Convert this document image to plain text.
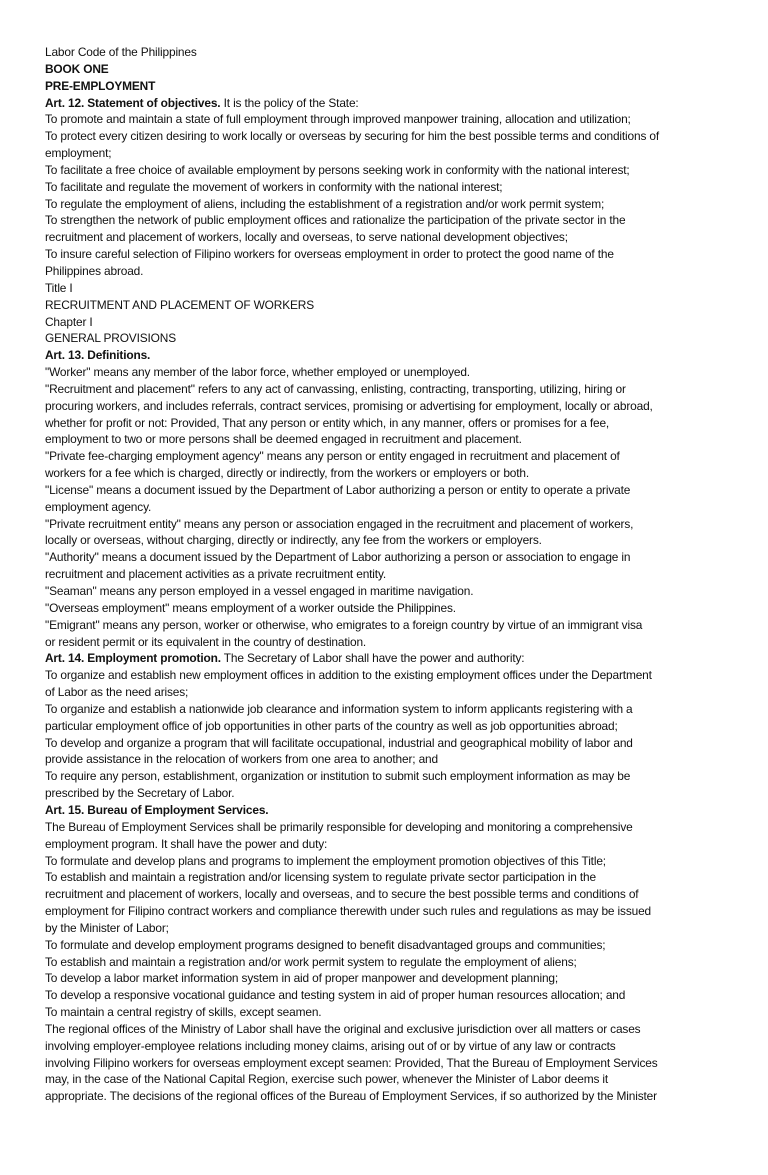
Labor Code of the Philippines
BOOK ONE
PRE-EMPLOYMENT
Art. 12. Statement of objectives. It is the policy of the State:
To promote and maintain a state of full employment through improved manpower training, allocation and utilization;
To protect every citizen desiring to work locally or overseas by securing for him the best possible terms and conditions of
employment;
To facilitate a free choice of available employment by persons seeking work in conformity with the national interest;
To facilitate and regulate the movement of workers in conformity with the national interest;
To regulate the employment of aliens, including the establishment of a registration and/or work permit system;
To strengthen the network of public employment offices and rationalize the participation of the private sector in the
recruitment and placement of workers, locally and overseas, to serve national development objectives;
To insure careful selection of Filipino workers for overseas employment in order to protect the good name of the
Philippines abroad.
Title I
RECRUITMENT AND PLACEMENT OF WORKERS
Chapter I
GENERAL PROVISIONS
Art. 13. Definitions.
"Worker" means any member of the labor force, whether employed or unemployed.
"Recruitment and placement" refers to any act of canvassing, enlisting, contracting, transporting, utilizing, hiring or
procuring workers, and includes referrals, contract services, promising or advertising for employment, locally or abroad,
whether for profit or not: Provided, That any person or entity which, in any manner, offers or promises for a fee,
employment to two or more persons shall be deemed engaged in recruitment and placement.
"Private fee-charging employment agency" means any person or entity engaged in recruitment and placement of
workers for a fee which is charged, directly or indirectly, from the workers or employers or both.
"License" means a document issued by the Department of Labor authorizing a person or entity to operate a private
employment agency.
"Private recruitment entity" means any person or association engaged in the recruitment and placement of workers,
locally or overseas, without charging, directly or indirectly, any fee from the workers or employers.
"Authority" means a document issued by the Department of Labor authorizing a person or association to engage in
recruitment and placement activities as a private recruitment entity.
"Seaman" means any person employed in a vessel engaged in maritime navigation.
"Overseas employment" means employment of a worker outside the Philippines.
"Emigrant" means any person, worker or otherwise, who emigrates to a foreign country by virtue of an immigrant visa
or resident permit or its equivalent in the country of destination.
Art. 14. Employment promotion. The Secretary of Labor shall have the power and authority:
To organize and establish new employment offices in addition to the existing employment offices under the Department
of Labor as the need arises;
To organize and establish a nationwide job clearance and information system to inform applicants registering with a
particular employment office of job opportunities in other parts of the country as well as job opportunities abroad;
To develop and organize a program that will facilitate occupational, industrial and geographical mobility of labor and
provide assistance in the relocation of workers from one area to another; and
To require any person, establishment, organization or institution to submit such employment information as may be
prescribed by the Secretary of Labor.
Art. 15. Bureau of Employment Services.
The Bureau of Employment Services shall be primarily responsible for developing and monitoring a comprehensive
employment program. It shall have the power and duty:
To formulate and develop plans and programs to implement the employment promotion objectives of this Title;
To establish and maintain a registration and/or licensing system to regulate private sector participation in the
recruitment and placement of workers, locally and overseas, and to secure the best possible terms and conditions of
employment for Filipino contract workers and compliance therewith under such rules and regulations as may be issued
by the Minister of Labor;
To formulate and develop employment programs designed to benefit disadvantaged groups and communities;
To establish and maintain a registration and/or work permit system to regulate the employment of aliens;
To develop a labor market information system in aid of proper manpower and development planning;
To develop a responsive vocational guidance and testing system in aid of proper human resources allocation; and
To maintain a central registry of skills, except seamen.
The regional offices of the Ministry of Labor shall have the original and exclusive jurisdiction over all matters or cases
involving employer-employee relations including money claims, arising out of or by virtue of any law or contracts
involving Filipino workers for overseas employment except seamen: Provided, That the Bureau of Employment Services
may, in the case of the National Capital Region, exercise such power, whenever the Minister of Labor deems it
appropriate. The decisions of the regional offices of the Bureau of Employment Services, if so authorized by the Minister
